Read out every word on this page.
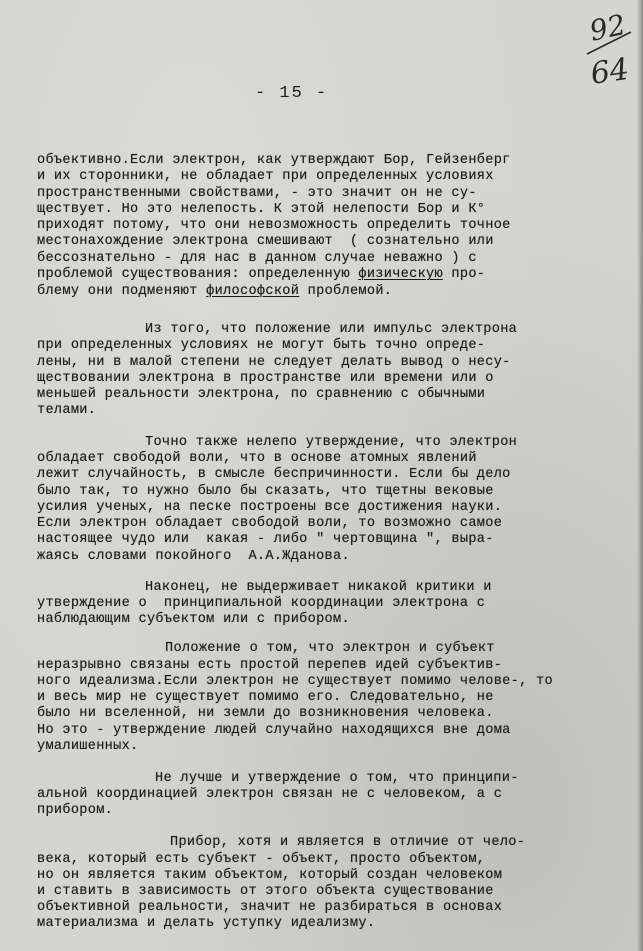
- 15 -
92
64
объективно.Если электрон, как утверждают Бор, Гейзенберг
и их сторонники, не обладает при определенных условиях
пространственными свойствами, - это значит он не су-
ществует. Но это нелепость. К этой нелепости Бор и К°
приходят потому, что они невозможность определить точное
местонахождение электрона смешивают  ( сознательно или
бессознательно - для нас в данном случае неважно ) с
проблемой существования: определенную физическую про-
блему они подменяют философской проблемой.
Из того, что положение или импульс электрона
при определенных условиях не могут быть точно опреде-
лены, ни в малой степени не следует делать вывод о несу-
ществовании электрона в пространстве или времени или о
меньшей реальности электрона, по сравнению с обычными
телами.
Точно также нелепо утверждение, что электрон
обладает свободой воли, что в основе атомных явлений
лежит случайность, в смысле беспричинности. Если бы дело
было так, то нужно было бы сказать, что тщетны вековые
усилия ученых, на песке построены все достижения науки.
Если электрон обладает свободой воли, то возможно самое
настоящее чудо или  какая - либо " чертовщина ", выра-
жаясь словами покойного  А.А.Жданова.
Наконец, не выдерживает никакой критики и
утверждение о  принципиальной координации электрона с
наблюдающим субъектом или с прибором.
Положение о том, что электрон и субъект
неразрывно связаны есть простой перепев идей субъектив-
ного идеализма.Если электрон не существует помимо челове-, то
и весь мир не существует помимо его. Следовательно, не
было ни вселенной, ни земли до возникновения человека.
Но это - утверждение людей случайно находящихся вне дома
умалишенных.
Не лучше и утверждение о том, что принципи-
альной координацией электрон связан не с человеком, а с
прибором.
Прибор, хотя и является в отличие от чело-
века, который есть субъект - объект, просто объектом,
но он является таким объектом, который создан человеком
и ставить в зависимость от этого объекта существование
объективной реальности, значит не разбираться в основах
материализма и делать уступку идеализму.
